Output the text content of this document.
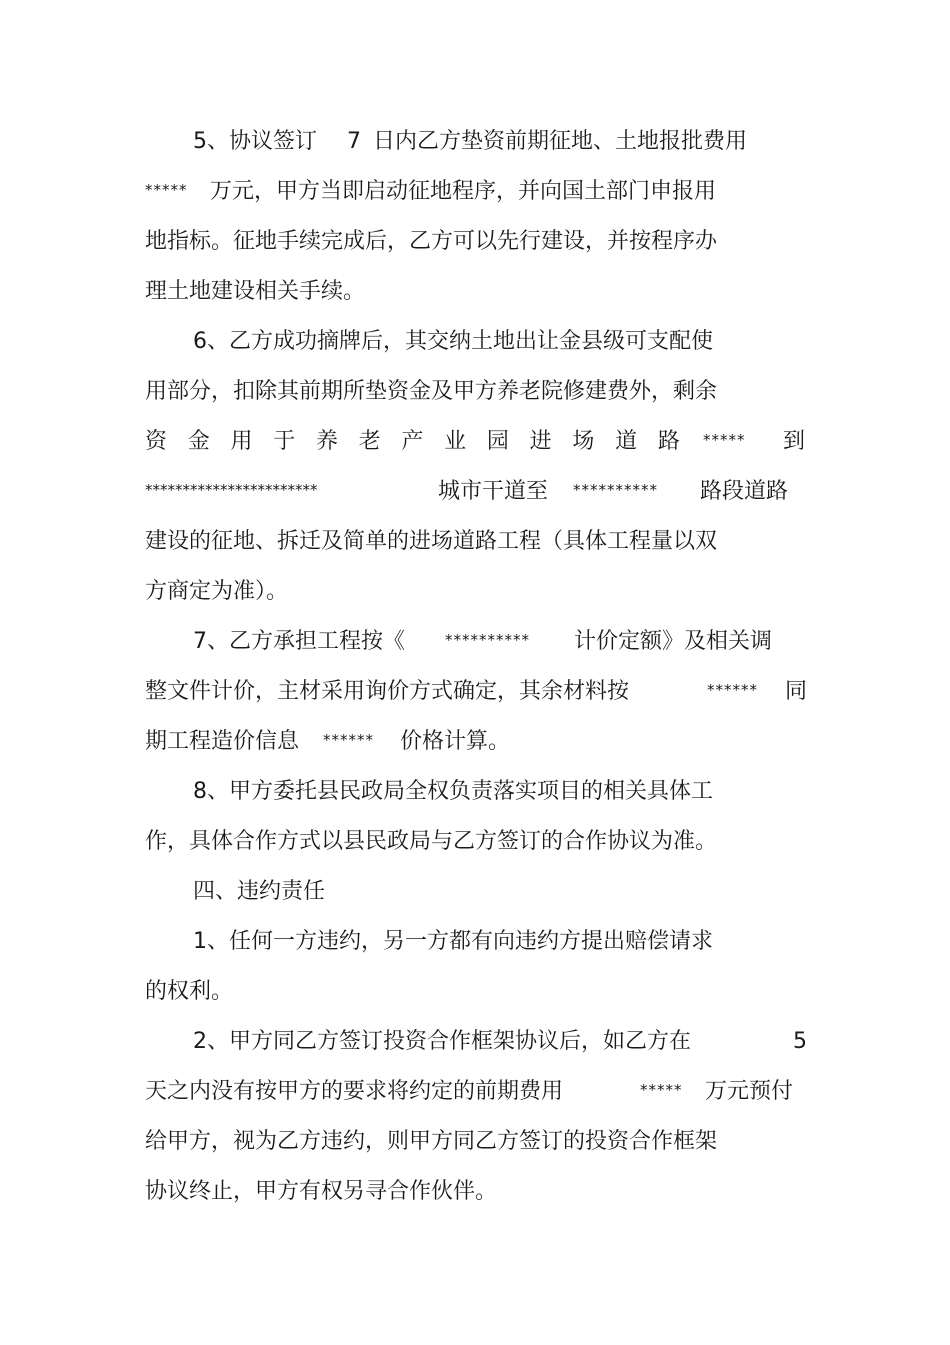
5、协议签订 7 日内乙方垫资前期征地、土地报批费用
***** 万元，甲方当即启动征地程序，并向国土部门申报用
地指标。征地手续完成后，乙方可以先行建设，并按程序办
理土地建设相关手续。
6、乙方成功摘牌后，其交纳土地出让金县级可支配使
用部分，扣除其前期所垫资金及甲方养老院修建费外，剩余
资 金 用 于 养 老 产 业 园 进 场 道 路 ***** 到
***********************	城市干道至 ********** 路段道路
建设的征地、拆迁及简单的进场道路工程（具体工程量以双
方商定为准）。
7、乙方承担工程按《	********** 计价定额》及相关调
整文件计价，主材采用询价方式确定，其余材料按	****** 同
期工程造价信息 ****** 价格计算。
8、甲方委托县民政局全权负责落实项目的相关具体工
作，具体合作方式以县民政局与乙方签订的合作协议为准。
四、违约责任
1、任何一方违约，另一方都有向违约方提出赔偿请求
的权利。
2、甲方同乙方签订投资合作框架协议后，如乙方在	5
天之内没有按甲方的要求将约定的前期费用	***** 万元预付
给甲方，视为乙方违约，则甲方同乙方签订的投资合作框架
协议终止，甲方有权另寻合作伙伴。
